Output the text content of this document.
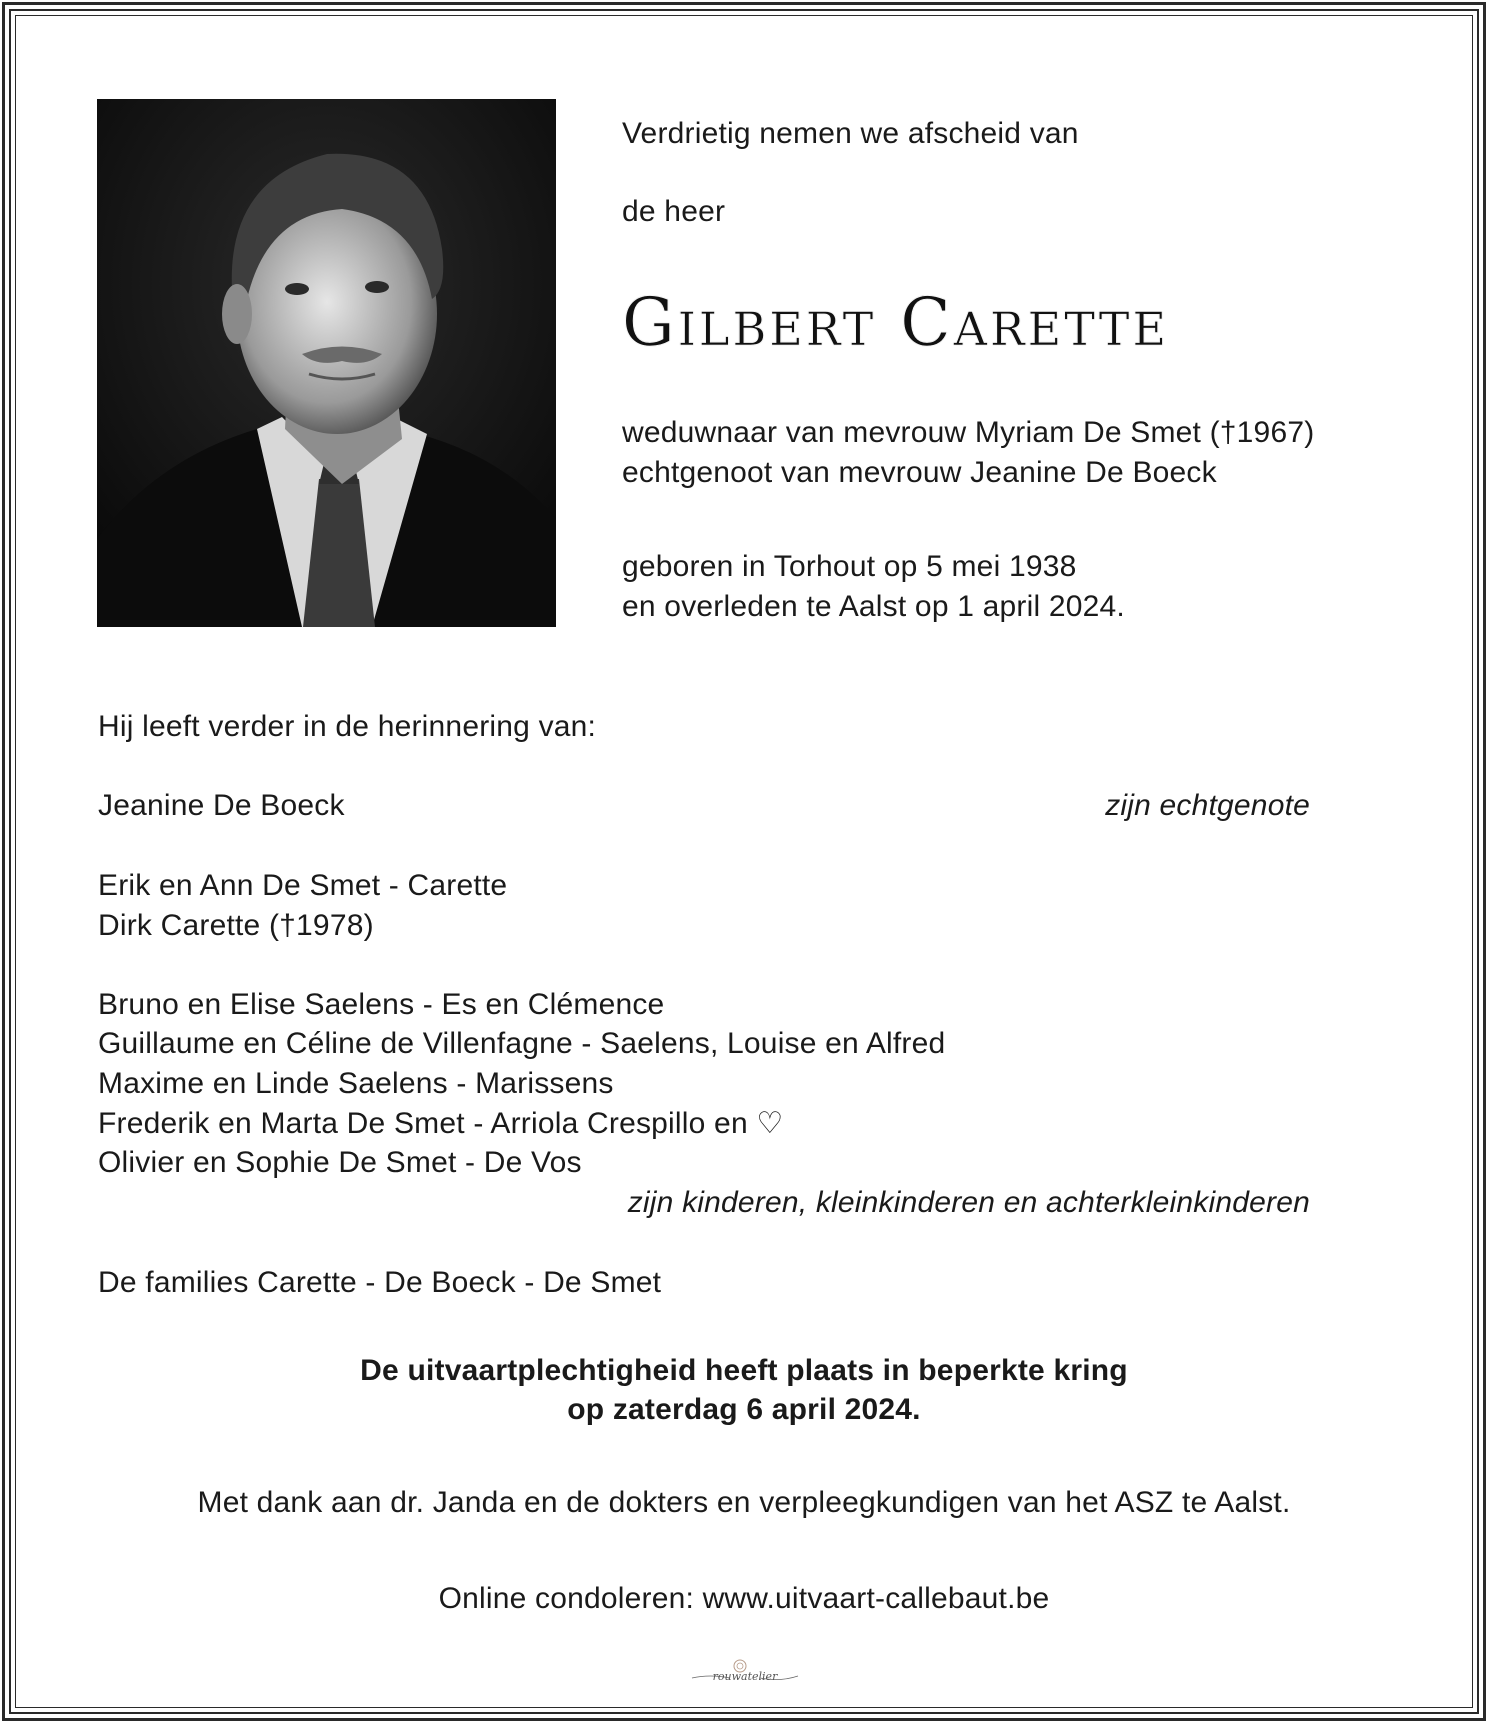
Verdrietig nemen we afscheid van
de heer
Gilbert Carette
weduwnaar van mevrouw Myriam De Smet (†1967)
echtgenoot van mevrouw Jeanine De Boeck
geboren in Torhout op 5 mei 1938
en overleden te Aalst op 1 april 2024.
Hij leeft verder in de herinnering van:
Jeanine De Boeck	zijn echtgenote
Erik en Ann De Smet - Carette
Dirk Carette (†1978)
Bruno en Elise Saelens - Es en Clémence
Guillaume en Céline de Villenfagne - Saelens, Louise en Alfred
Maxime en Linde Saelens - Marissens
Frederik en Marta De Smet - Arriola Crespillo en ♡
Olivier en Sophie De Smet - De Vos
zijn kinderen, kleinkinderen en achterkleinkinderen
De families Carette - De Boeck - De Smet
De uitvaartplechtigheid heeft plaats in beperkte kring
op zaterdag 6 april 2024.
Met dank aan dr. Janda en de dokters en verpleegkundigen van het ASZ te Aalst.
Online condoleren: www.uitvaart-callebaut.be
rouwatelier
